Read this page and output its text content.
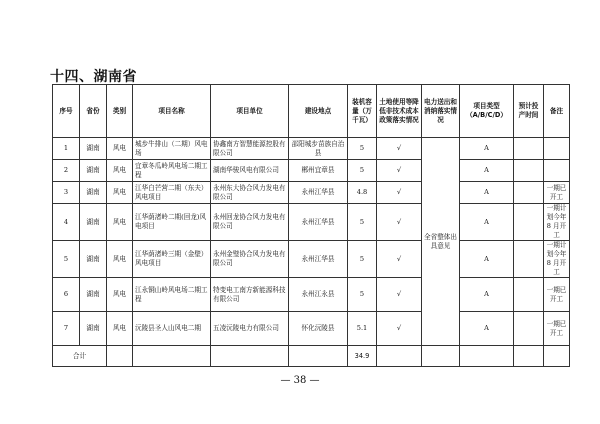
十四、湖南省
序号	省份	类别	项目名称	项目单位	建设地点	装机容量（万千瓦）	土地使用等降低非技术成本政策落实情况	电力送出和消纳落实情况	项目类型（A/B/C/D）	预计投产时间	备注
1	湖南	风电	城步牛排山（二期）风电场	协鑫南方智慧能源控股有限公司	邵阳城步苗族自治县	5	√	全省整体出具意见	A		
2	湖南	风电	宜章冬瓜岭风电场二期工程	湖南华骏风电有限公司	郴州宜章县	5	√		A		
3	湖南	风电	江华白芒营二期（东夫）风电项目	永州东大协合风力发电有限公司	永州江华县	4.8	√		A		一期已开工
4	湖南	风电	江华荫渚岭二期(回龙)风电项目	永州回龙协合风力发电有限公司	永州江华县	5	√		A		一期计划今年 8 月开工
5	湖南	风电	江华荫渚岭三期（金壁）风电项目	永州金璧协合风力发电有限公司	永州江华县	5	√		A		一期计划今年 8 月开工
6	湖南	风电	江永铜山岭风电场二期工程	特变电工南方新能源科技有限公司	永州江永县	5	√		A		一期已开工
7	湖南	风电	沅陵县圣人山风电二期	五凌沅陵电力有限公司	怀化沅陵县	5.1	√		A		一期已开工
合计						34.9					
— 38 —
